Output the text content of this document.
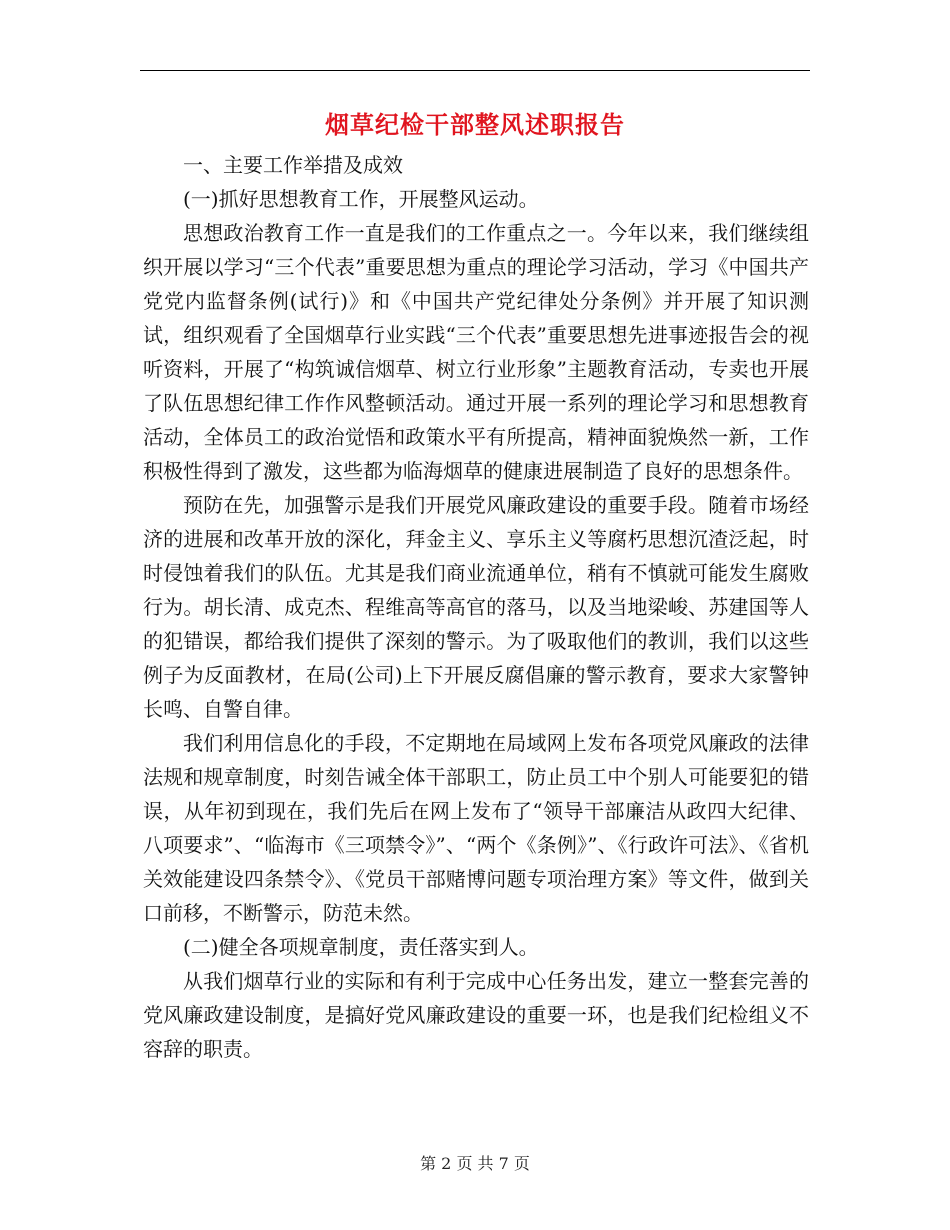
烟草纪检干部整风述职报告

一、主要工作举措及成效

(一)抓好思想教育工作，开展整风运动。

思想政治教育工作一直是我们的工作重点之一。今年以来，我们继续组织开展以学习“三个代表”重要思想为重点的理论学习活动，学习《中国共产党党内监督条例(试行)》和《中国共产党纪律处分条例》并开展了知识测试，组织观看了全国烟草行业实践“三个代表”重要思想先进事迹报告会的视听资料，开展了“构筑诚信烟草、树立行业形象”主题教育活动，专卖也开展了队伍思想纪律工作作风整顿活动。通过开展一系列的理论学习和思想教育活动，全体员工的政治觉悟和政策水平有所提高，精神面貌焕然一新，工作积极性得到了激发，这些都为临海烟草的健康进展制造了良好的思想条件。

预防在先，加强警示是我们开展党风廉政建设的重要手段。随着市场经济的进展和改革开放的深化，拜金主义、享乐主义等腐朽思想沉渣泛起，时时侵蚀着我们的队伍。尤其是我们商业流通单位，稍有不慎就可能发生腐败行为。胡长清、成克杰、程维高等高官的落马，以及当地梁峻、苏建国等人的犯错误，都给我们提供了深刻的警示。为了吸取他们的教训，我们以这些例子为反面教材，在局(公司)上下开展反腐倡廉的警示教育，要求大家警钟长鸣、自警自律。

我们利用信息化的手段，不定期地在局域网上发布各项党风廉政的法律法规和规章制度，时刻告诫全体干部职工，防止员工中个别人可能要犯的错误，从年初到现在，我们先后在网上发布了“领导干部廉洁从政四大纪律、八项要求”、“临海市《三项禁令》”、“两个《条例》”、《行政许可法》、《省机关效能建设四条禁令》、《党员干部赌博问题专项治理方案》等文件，做到关口前移，不断警示，防范未然。

(二)健全各项规章制度，责任落实到人。

从我们烟草行业的实际和有利于完成中心任务出发，建立一整套完善的党风廉政建设制度，是搞好党风廉政建设的重要一环，也是我们纪检组义不容辞的职责。

第 2 页 共 7 页
